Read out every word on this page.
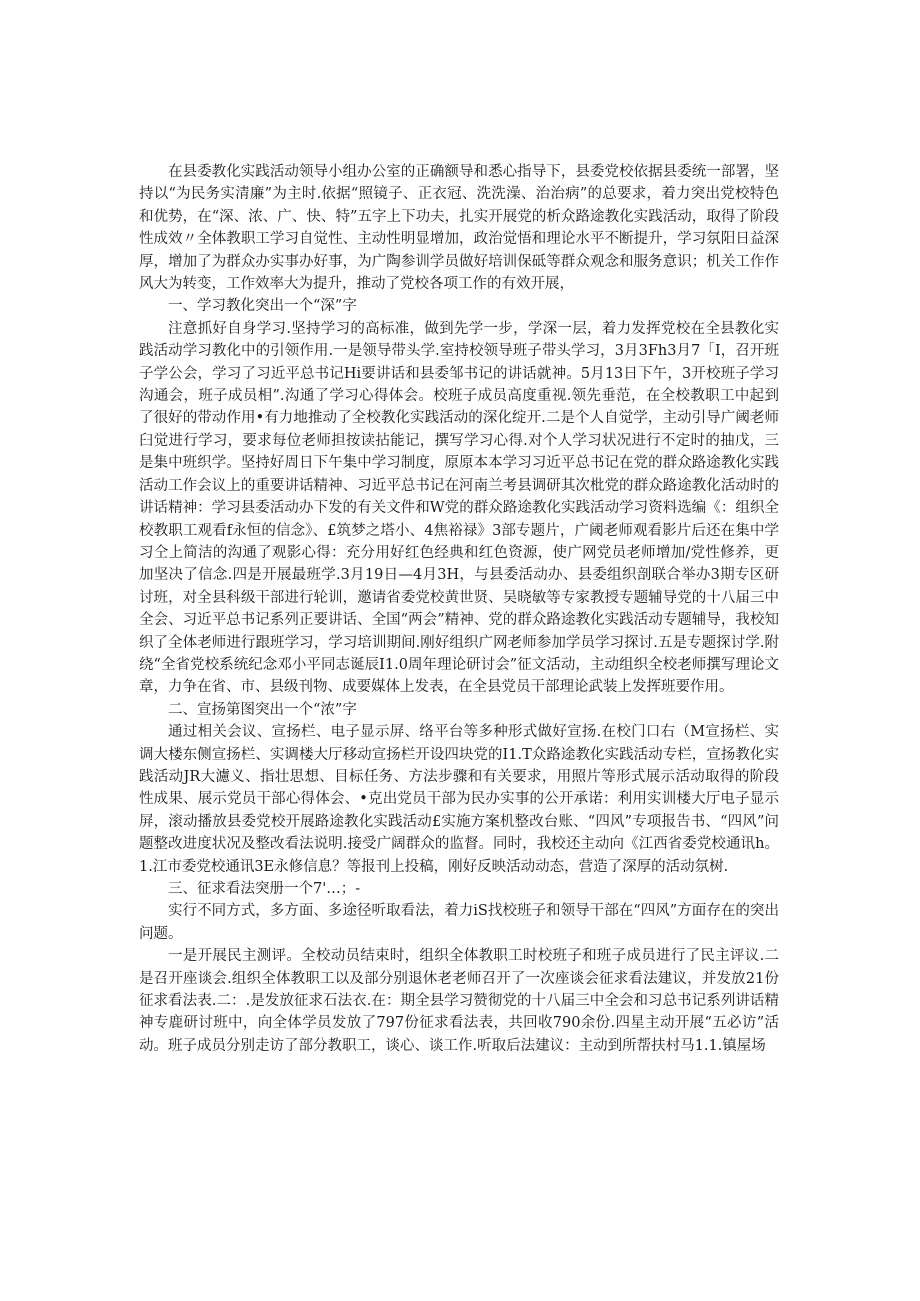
在县委教化实践活动领导小组办公室的正确额导和悉心指导下，县委党校依据县委统一部署，坚持以“为民务实清廉”为主时.依据“照镜子、正衣冠、洗洗澡、治治病”的总要求，着力突出党校特色和优势，在“深、浓、广、快、特”五字上下功夫，扎实开展党的析众路途教化实践活动，取得了阶段性成效〃全体教职工学习自觉性、主动性明显增加，政治觉悟和理论水平不断提升，学习氛阳日益深厚，增加了为群众办实事办好事，为广陶参训学员做好培训保砥等群众观念和服务意识；机关工作作风大为转变，工作效率大为提升，推动了党校各项工作的有效开展，

一、学习教化突出一个“深”字

注意抓好自身学习.坚持学习的高标准，做到先学一步，学深一层，着力发挥党校在全县教化实践活动学习教化中的引领作用.一是领导带头学.室持校领导班子带头学习，3月3Fh3月7「I，召开班子学公会，学习了习近平总书记Hi要讲话和县委邹书记的讲话就神。5月13日下午，3开校班子学习沟通会，班子成员相”.沟通了学习心得体会。校班子成员高度重视.领先垂范，在全校教职工中起到了很好的带动作用•有力地推动了全校教化实践活动的深化绽开.二是个人自觉学，主动引导广阈老师臼觉进行学习，要求每位老师担按读拈能记，撰写学习心得.对个人学习状况进行不定时的抽戊，三是集中班织学。坚持好周日下午集中学习制度，原原本本学习习近平总书记在党的群众路途教化实践活动工作会议上的重要讲话精神、习近平总书记在河南兰考县调研其次枇党的群众路途教化活动时的讲话精神：学习县委活动办下发的有关文件和W党的群众路途教化实践活动学习资料选编《：组织全校教职工观看f永恒的信念》、£筑梦之塔小、4焦裕禄》3部专题片，广阈老师观看影片后还在集中学习仝上简洁的沟通了观影心得：充分用好红色经典和红色资源，使广网党员老师增加/党性修养，更加坚决了信念.四是开展最班学.3月19日—4月3H，与县委活动办、县委组织剖联合举办3期专区研讨班，对全县科级干部进行轮训，邀请省委党校黄世贤、吴晓敏等专家教授专题辅导党的十八届三中全会、习近平总书记系列正要讲话、全国“两会”精神、党的群众路途教化实践活动专题辅导，我校知织了全体老师进行跟班学习，学习培训期间.刚好组织广网老师参加学员学习探讨.五是专题探讨学.附绕“全省党校系统纪念邓小平同志诞辰I1.0周年理论研讨会”征文活动，主动组织全校老师撰写理论文章，力争在省、市、县级刊物、成要媒体上发表，在全县党员干部理论武装上发挥班要作用。

二、宣扬第图突出一个“浓”字

通过相关会议、宣扬栏、电子显示屏、络平台等多种形式做好宣扬.在校门口右（M宣扬栏、实调大楼东侧宣扬栏、实调楼大厅移动宣扬栏开设四块党的I1.T众路途教化实践活动专栏，宣扬教化实践活动JR大濾义、指壮思想、目标任务、方法步骤和有关要求，用照片等形式展示活动取得的阶段性成果、展示党员干部心得体会、•克出党员干部为民办实事的公开承诺：利用实训楼大厅电子显示屏，滚动播放县委党校开展路途教化实践活动£实施方案机整改台账、“四风”专项报告书、“四风”问题整改进度状况及整改看法说明.接受广阔群众的监督。同时，我校还主动向《江西省委党校通讯h。1.江市委党校通讯3E永修信息？等报刊上投稿，刚好反映活动动态，营造了深厚的活动氛树.

三、征求看法突册一个7'…；-

实行不同方式，多方面、多途径听取看法，着力iS找校班子和领导干部在“四风”方面存在的突出问题。

一是开展民主测评。全校动员结束时，组织全体教职工时校班子和班子成员进行了民主评议.二是召开座谈会.组织全体教职工以及部分别退休老老师召开了一次座谈会征求看法建议，并发放21份征求看法表.二：.是发放征求石法衣.在：期全县学习赞彻党的十八届三中全会和习总书记系列讲话精神专鹿研讨班中，向全体学员发放了797份征求看法表，共回收790余份.四星主动开展“五必访”活动。班子成员分别走访了部分教职工，谈心、谈工作.听取后法建议：主动到所帮扶村马1.1.镇屋场
